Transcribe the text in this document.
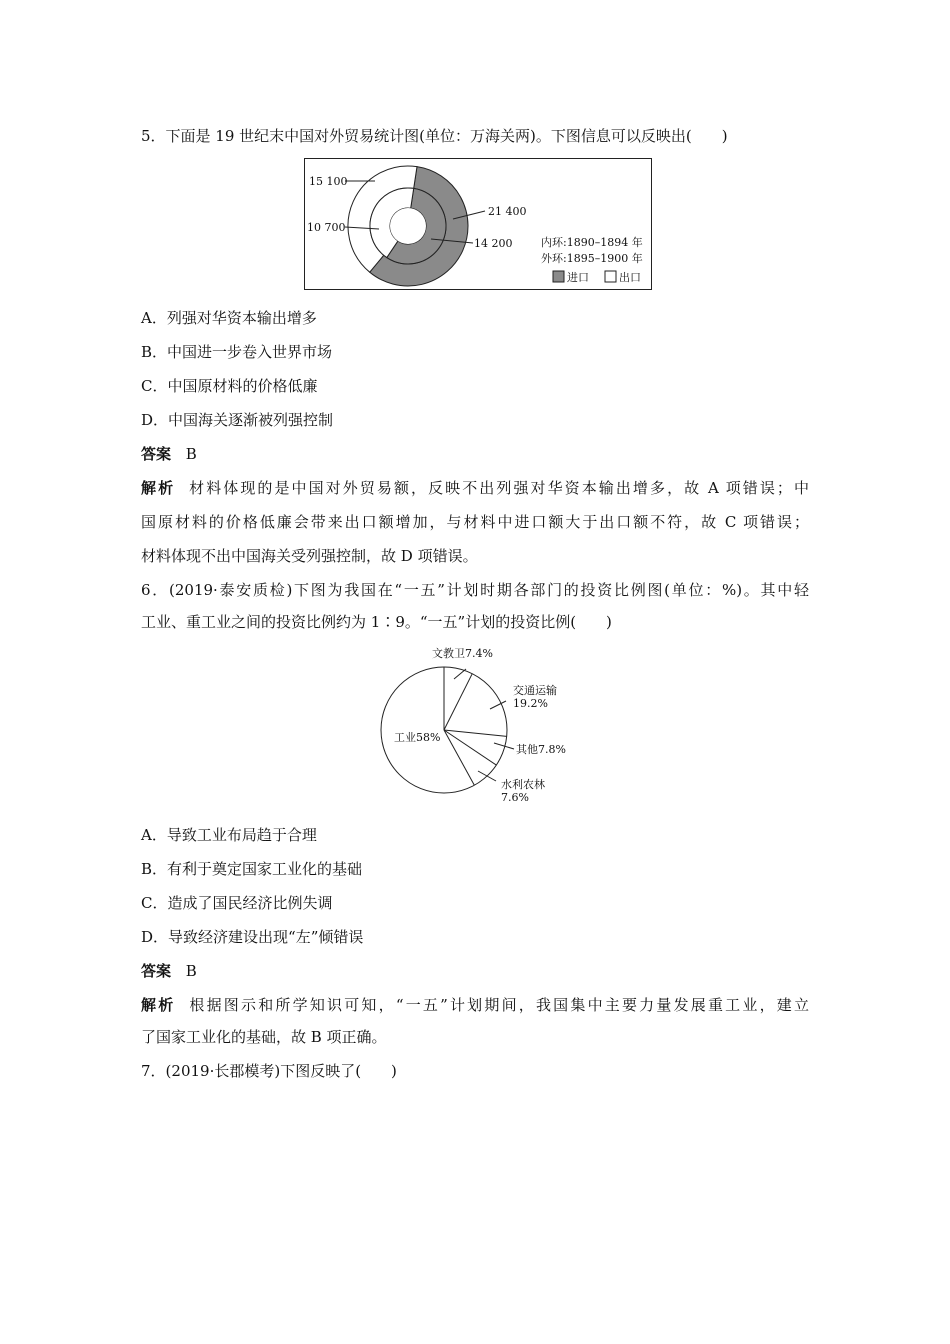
5．下面是 19 世纪末中国对外贸易统计图(单位：万海关两)。下图信息可以反映出(　　)
15 100
10 700
21 400
14 200	内环:1890–1894 年
外环:1895–1900 年
进口	出口
A．列强对华资本输出增多
B．中国进一步卷入世界市场
C．中国原材料的价格低廉
D．中国海关逐渐被列强控制
答案 B
解析 材料体现的是中国对外贸易额，反映不出列强对华资本输出增多，故 A 项错误；中
国原材料的价格低廉会带来出口额增加，与材料中进口额大于出口额不符，故 C 项错误；
材料体现不出中国海关受列强控制，故 D 项错误。
6．(2019·泰安质检)下图为我国在“一五”计划时期各部门的投资比例图(单位：%)。其中轻
工业、重工业之间的投资比例约为 1∶9。“一五”计划的投资比例(　　)
文教卫7.4%
交通运输
19.2%
其他7.8%
水利农林
7.6%
工业58%
A．导致工业布局趋于合理
B．有利于奠定国家工业化的基础
C．造成了国民经济比例失调
D．导致经济建设出现“左”倾错误
答案 B
解析 根据图示和所学知识可知，“一五”计划期间，我国集中主要力量发展重工业，建立
了国家工业化的基础，故 B 项正确。
7．(2019·长郡模考)下图反映了(　　)
